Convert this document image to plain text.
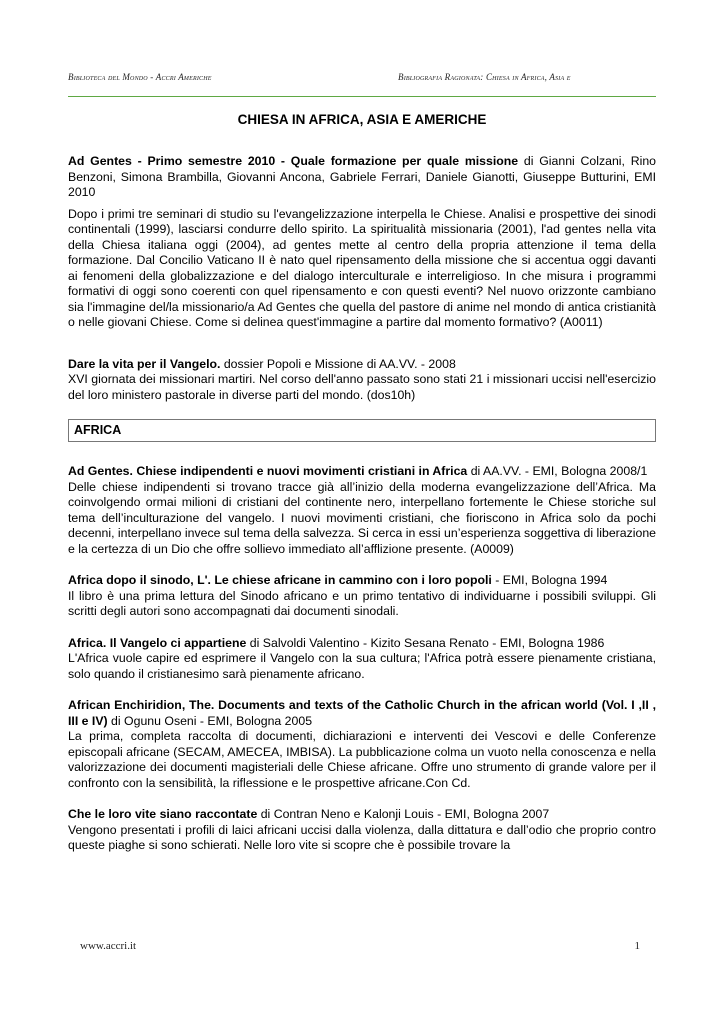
Biblioteca del Mondo - Accri Americhe	Bibliografia Ragionata: Chiesa in Africa, Asia e
CHIESA IN AFRICA, ASIA E AMERICHE

Ad Gentes - Primo semestre 2010 - Quale formazione per quale missione di Gianni Colzani, Rino Benzoni, Simona Brambilla, Giovanni Ancona, Gabriele Ferrari, Daniele Gianotti, Giuseppe Butturini, EMI 2010

Dopo i primi tre seminari di studio su l'evangelizzazione interpella le Chiese. Analisi e prospettive dei sinodi continentali (1999), lasciarsi condurre dello spirito. La spiritualità missionaria (2001), l'ad gentes nella vita della Chiesa italiana oggi (2004), ad gentes mette al centro della propria attenzione il tema della formazione. Dal Concilio Vaticano II è nato quel ripensamento della missione che si accentua oggi davanti ai fenomeni della globalizzazione e del dialogo interculturale e interreligioso. In che misura i programmi formativi di oggi sono coerenti con quel ripensamento e con questi eventi? Nel nuovo orizzonte cambiano sia l'immagine del/la missionario/a Ad Gentes che quella del pastore di anime nel mondo di antica cristianità o nelle giovani Chiese. Come si delinea quest'immagine a partire dal momento formativo? (A0011)

Dare la vita per il Vangelo. dossier Popoli e Missione di AA.VV. - 2008

XVI giornata dei missionari martiri. Nel corso dell'anno passato sono stati 21 i missionari uccisi nell'esercizio del loro ministero pastorale in diverse parti del mondo. (dos10h)

AFRICA

Ad Gentes. Chiese indipendenti e nuovi movimenti cristiani in Africa di AA.VV. - EMI, Bologna 2008/1

Delle chiese indipendenti si trovano tracce già all’inizio della moderna evangelizzazione dell’Africa. Ma coinvolgendo ormai milioni di cristiani del continente nero, interpellano fortemente le Chiese storiche sul tema dell’inculturazione del vangelo. I nuovi movimenti cristiani, che fioriscono in Africa solo da pochi decenni, interpellano invece sul tema della salvezza. Si cerca in essi un’esperienza soggettiva di liberazione e la certezza di un Dio che offre sollievo immediato all’afflizione presente. (A0009)

Africa dopo il sinodo, L'. Le chiese africane in cammino con i loro popoli - EMI, Bologna 1994

Il libro è una prima lettura del Sinodo africano e un primo tentativo di individuarne i possibili sviluppi. Gli scritti degli autori sono accompagnati dai documenti sinodali.

Africa. Il Vangelo ci appartiene di Salvoldi Valentino - Kizito Sesana Renato - EMI, Bologna 1986

L'Africa vuole capire ed esprimere il Vangelo con la sua cultura; l'Africa potrà essere pienamente cristiana, solo quando il cristianesimo sarà pienamente africano.

African Enchiridion, The. Documents and texts of the Catholic Church in the african world (Vol. I ,II , III e IV) di Ogunu Oseni - EMI, Bologna 2005

La prima, completa raccolta di documenti, dichiarazioni e interventi dei Vescovi e delle Conferenze episcopali africane (SECAM, AMECEA, IMBISA). La pubblicazione colma un vuoto nella conoscenza e nella valorizzazione dei documenti magisteriali delle Chiese africane. Offre uno strumento di grande valore per il confronto con la sensibilità, la riflessione e le prospettive africane.Con Cd.

Che le loro vite siano raccontate di Contran Neno e Kalonji Louis - EMI, Bologna 2007

Vengono presentati i profili di laici africani uccisi dalla violenza, dalla dittatura e dall’odio che proprio contro queste piaghe si sono schierati. Nelle loro vite si scopre che è possibile trovare la

www.accri.it	1
